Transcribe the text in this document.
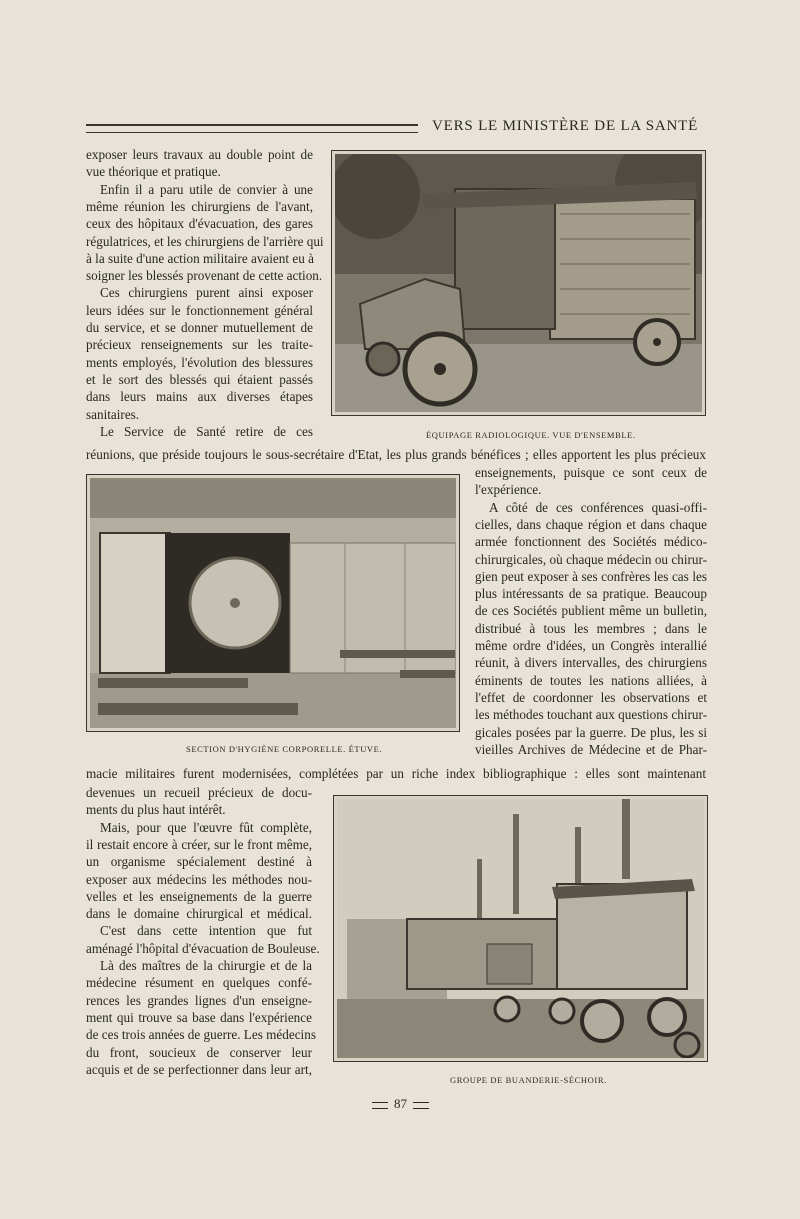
VERS LE MINISTÈRE DE LA SANTÉ
exposer leurs travaux au double point de
vue théorique et pratique.
Enfin il a paru utile de convier à une
même réunion les chirurgiens de l'avant,
ceux des hôpitaux d'évacuation, des gares
régulatrices, et les chirurgiens de l'arrière qui
à la suite d'une action militaire avaient eu à
soigner les blessés provenant de cette action.
Ces chirurgiens purent ainsi exposer
leurs idées sur le fonctionnement général
du service, et se donner mutuellement de
précieux renseignements sur les traite-
ments employés, l'évolution des blessures
et le sort des blessés qui étaient passés
dans leurs mains aux diverses étapes
sanitaires.
Le Service de Santé retire de ces	ÉQUIPAGE RADIOLOGIQUE. VUE D'ENSEMBLE.
réunions, que préside toujours le sous-secrétaire d'Etat, les plus grands bénéfices ; elles apportent les plus précieux
enseignements, puisque ce sont ceux de
l'expérience.
A côté de ces conférences quasi-offi-
cielles, dans chaque région et dans chaque
armée fonctionnent des Sociétés médico-
chirurgicales, où chaque médecin ou chirur-
gien peut exposer à ses confrères les cas les
plus intéressants de sa pratique. Beaucoup
de ces Sociétés publient même un bulletin,
distribué à tous les membres ; dans le
même ordre d'idées, un Congrès interallié
réunit, à divers intervalles, des chirurgiens
éminents de toutes les nations alliées, à
l'effet de coordonner les observations et
les méthodes touchant aux questions chirur-
gicales posées par la guerre. De plus, les si
vieilles Archives de Médecine et de Phar-
SECTION D'HYGIÈNE CORPORELLE. ÉTUVE.
macie militaires furent modernisées, complétées par un riche index bibliographique : elles sont maintenant
devenues un recueil précieux de docu-
ments du plus haut intérêt.
Mais, pour que l'œuvre fût complète,
il restait encore à créer, sur le front même,
un organisme spécialement destiné à
exposer aux médecins les méthodes nou-
velles et les enseignements de la guerre
dans le domaine chirurgical et médical.
C'est dans cette intention que fut
aménagé l'hôpital d'évacuation de Bouleuse.
Là des maîtres de la chirurgie et de la
médecine résument en quelques confé-
rences les grandes lignes d'un enseigne-
ment qui trouve sa base dans l'expérience
de ces trois années de guerre. Les médecins
du front, soucieux de conserver leur
acquis et de se perfectionner dans leur art,
GROUPE DE BUANDERIE-SÉCHOIR.
87
